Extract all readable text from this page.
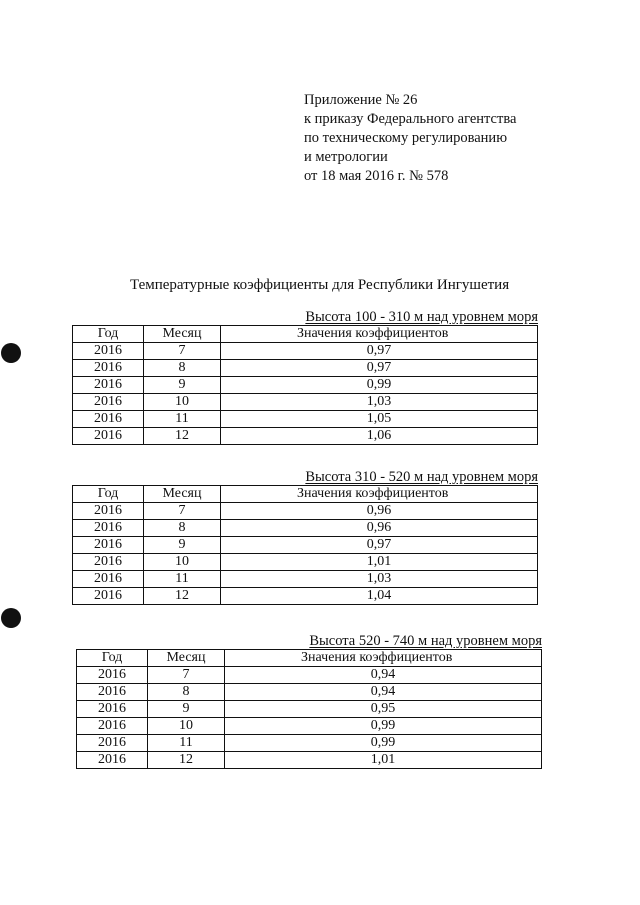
Приложение № 26
к приказу Федерального агентства
по техническому регулированию
и метрологии
от 18 мая 2016 г. № 578
Температурные коэффициенты для Республики Ингушетия
Высота 100 - 310 м над уровнем моря
Год	Месяц	Значения коэффициентов
2016	7	0,97
2016	8	0,97
2016	9	0,99
2016	10	1,03
2016	11	1,05
2016	12	1,06
Высота 310 - 520 м над уровнем моря
Год	Месяц	Значения коэффициентов
2016	7	0,96
2016	8	0,96
2016	9	0,97
2016	10	1,01
2016	11	1,03
2016	12	1,04
Высота 520 - 740 м над уровнем моря
Год	Месяц	Значения коэффициентов
2016	7	0,94
2016	8	0,94
2016	9	0,95
2016	10	0,99
2016	11	0,99
2016	12	1,01
